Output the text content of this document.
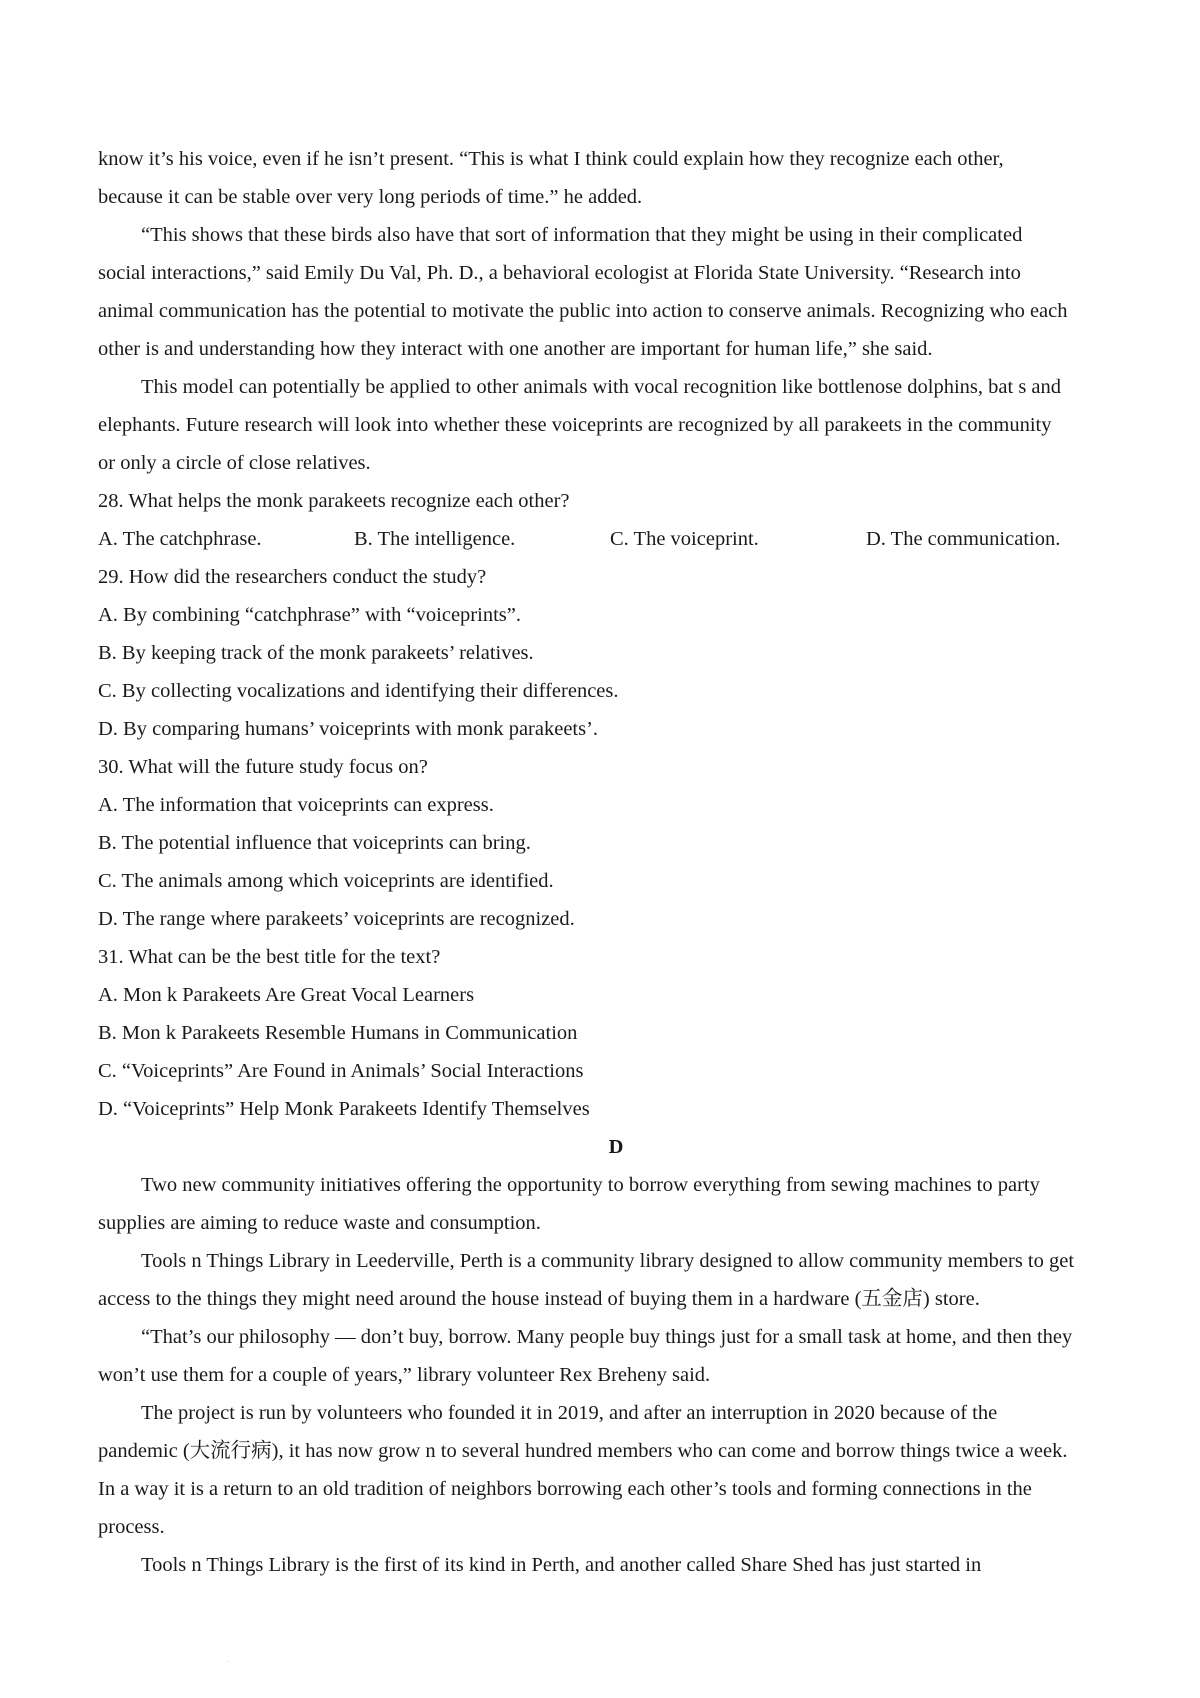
know it’s his voice, even if he isn’t present. “This is what I think could explain how they recognize each other,

because it can be stable over very long periods of time.” he added.

“This shows that these birds also have that sort of information that they might be using in their complicated

social interactions,” said Emily Du Val, Ph. D., a behavioral ecologist at Florida State University. “Research into

animal communication has the potential to motivate the public into action to conserve animals. Recognizing who each

other is and understanding how they interact with one another are important for human life,” she said.

This model can potentially be applied to other animals with vocal recognition like bottlenose dolphins, bat s and

elephants. Future research will look into whether these voiceprints are recognized by all parakeets in the community

or only a circle of close relatives.

28. What helps the monk parakeets recognize each other?

A. The catchphrase.	B. The intelligence.	C. The voiceprint.	D. The communication.

29. How did the researchers conduct the study?

A. By combining “catchphrase” with “voiceprints”.

B. By keeping track of the monk parakeets’ relatives.

C. By collecting vocalizations and identifying their differences.

D. By comparing humans’ voiceprints with monk parakeets’.

30. What will the future study focus on?

A. The information that voiceprints can express.

B. The potential influence that voiceprints can bring.

C. The animals among which voiceprints are identified.

D. The range where parakeets’ voiceprints are recognized.

31. What can be the best title for the text?

A. Mon k Parakeets Are Great Vocal Learners

B. Mon k Parakeets Resemble Humans in Communication

C. “Voiceprints” Are Found in Animals’ Social Interactions

D. “Voiceprints” Help Monk Parakeets Identify Themselves

D

Two new community initiatives offering the opportunity to borrow everything from sewing machines to party

supplies are aiming to reduce waste and consumption.

Tools n Things Library in Leederville, Perth is a community library designed to allow community members to get

access to the things they might need around the house instead of buying them in a hardware (五金店) store.

“That’s our philosophy — don’t buy, borrow. Many people buy things just for a small task at home, and then they

won’t use them for a couple of years,” library volunteer Rex Breheny said.

The project is run by volunteers who founded it in 2019, and after an interruption in 2020 because of the

pandemic (大流行病), it has now grow n to several hundred members who can come and borrow things twice a week.

In a way it is a return to an old tradition of neighbors borrowing each other’s tools and forming connections in the

process.

Tools n Things Library is the first of its kind in Perth, and another called Share Shed has just started in

·
